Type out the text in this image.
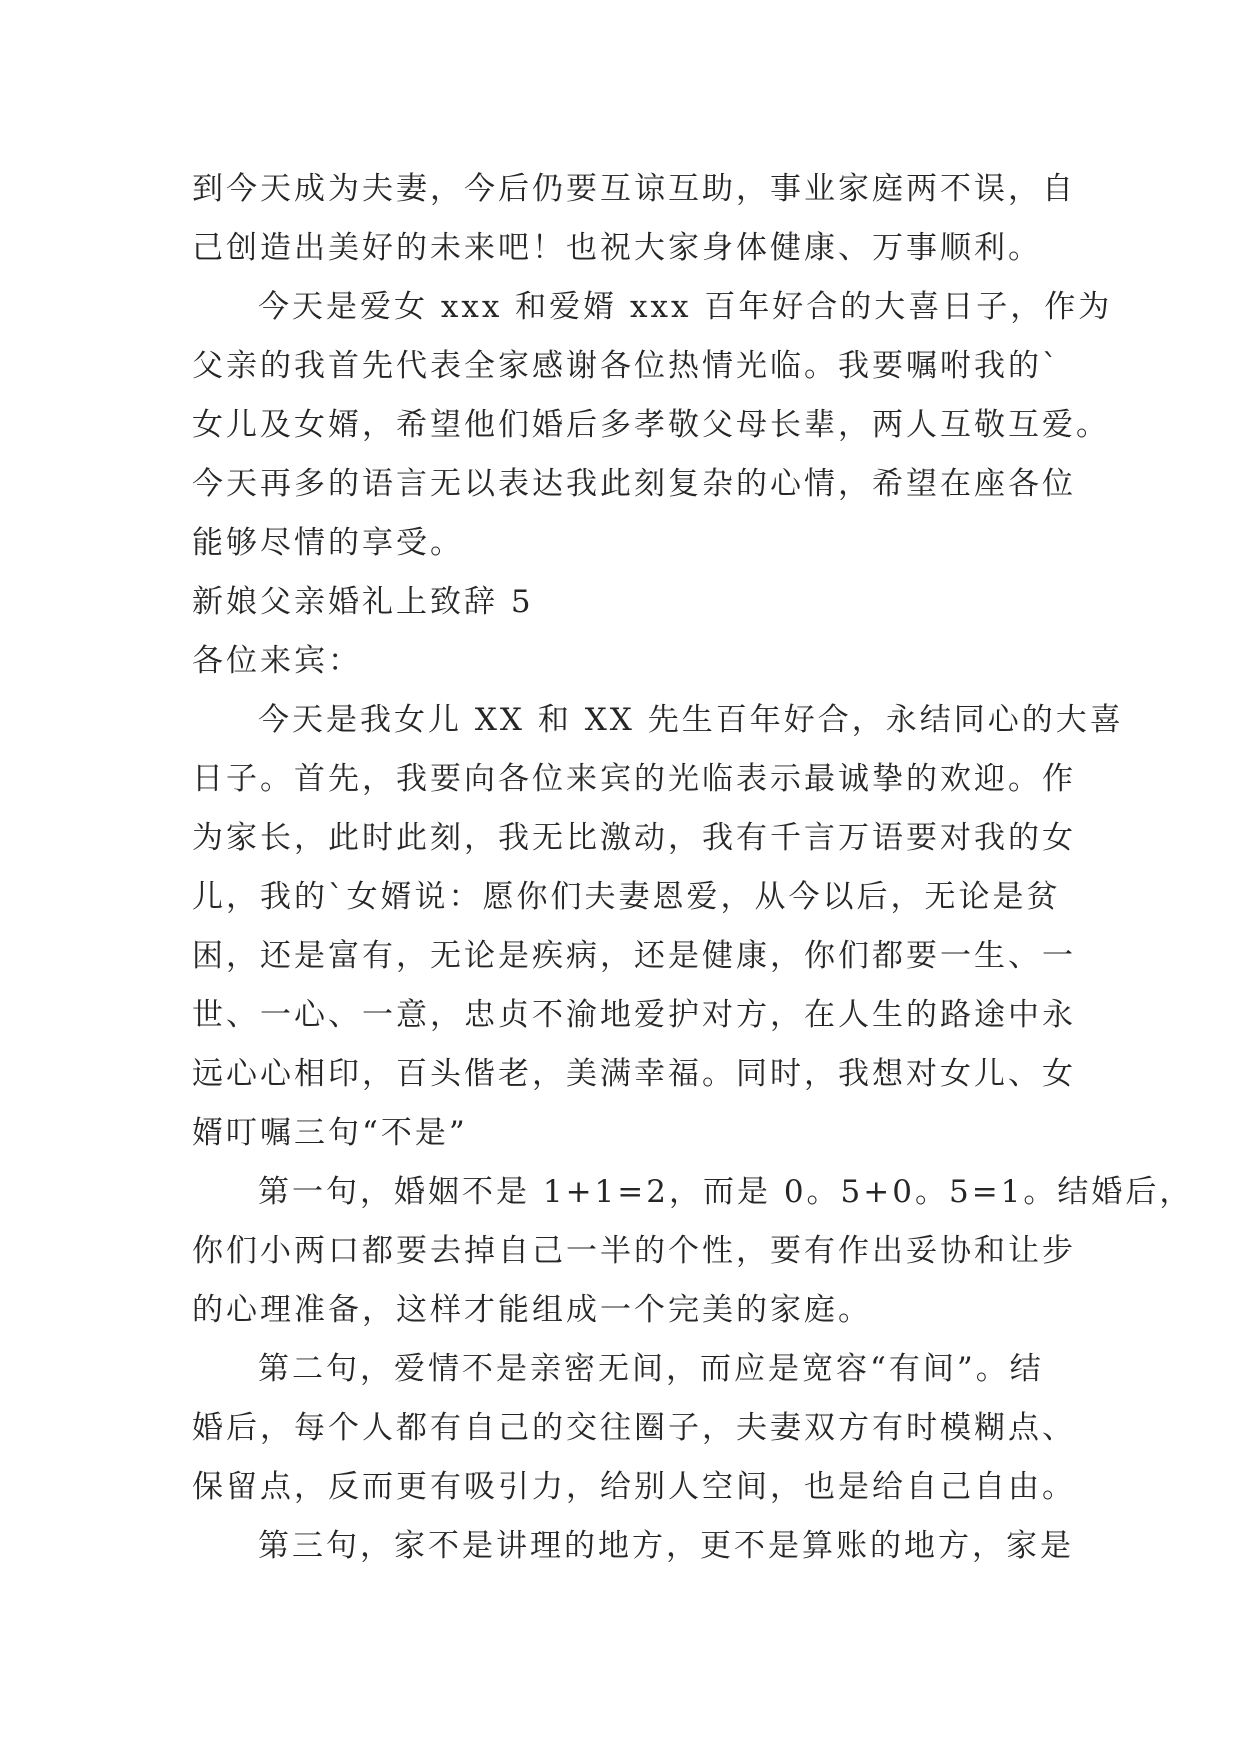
到今天成为夫妻，今后仍要互谅互助，事业家庭两不误，自
己创造出美好的未来吧！也祝大家身体健康、万事顺利。
今天是爱女 xxx 和爱婿 xxx 百年好合的大喜日子，作为
父亲的我首先代表全家感谢各位热情光临。我要嘱咐我的`
女儿及女婿，希望他们婚后多孝敬父母长辈，两人互敬互爱。
今天再多的语言无以表达我此刻复杂的心情，希望在座各位
能够尽情的享受。
新娘父亲婚礼上致辞 5
各位来宾：
今天是我女儿 XX 和 XX 先生百年好合，永结同心的大喜
日子。首先，我要向各位来宾的光临表示最诚挚的欢迎。作
为家长，此时此刻，我无比激动，我有千言万语要对我的女
儿，我的`女婿说：愿你们夫妻恩爱，从今以后，无论是贫
困，还是富有，无论是疾病，还是健康，你们都要一生、一
世、一心、一意，忠贞不渝地爱护对方，在人生的路途中永
远心心相印，百头偕老，美满幸福。同时，我想对女儿、女
婿叮嘱三句“不是”
第一句，婚姻不是 1+1=2，而是 0。5+0。5=1。结婚后，
你们小两口都要去掉自己一半的个性，要有作出妥协和让步
的心理准备，这样才能组成一个完美的家庭。
第二句，爱情不是亲密无间，而应是宽容“有间”。结
婚后，每个人都有自己的交往圈子，夫妻双方有时模糊点、
保留点，反而更有吸引力，给别人空间，也是给自己自由。
第三句，家不是讲理的地方，更不是算账的地方，家是
